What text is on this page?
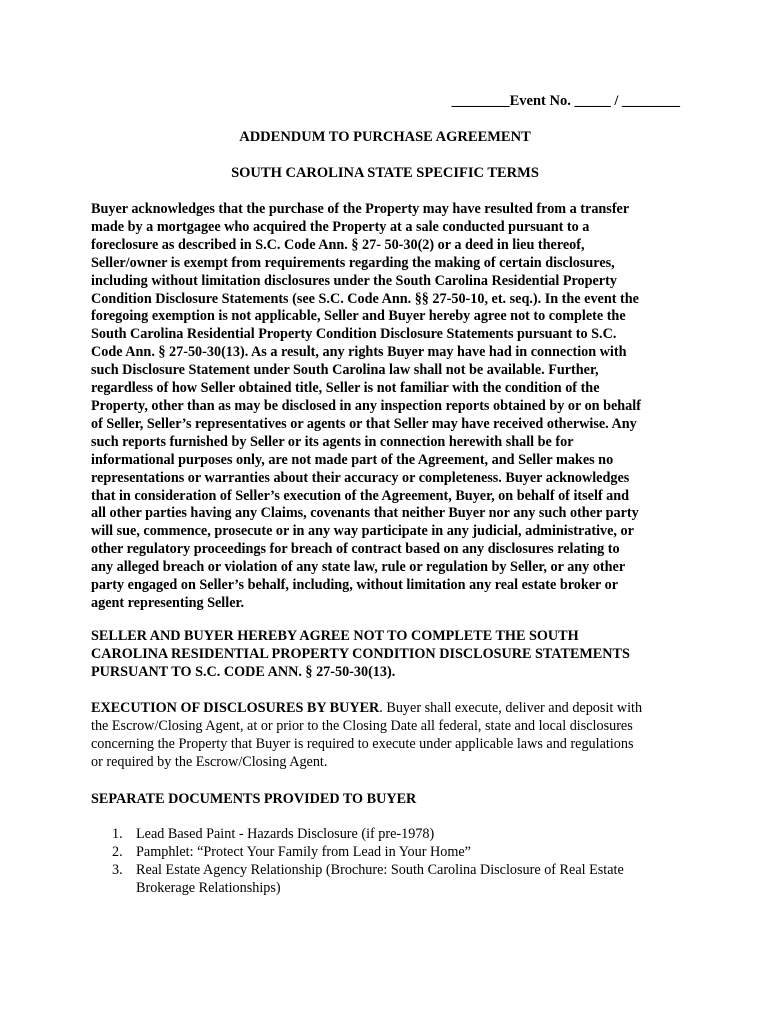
________Event No. _____ / ________
ADDENDUM TO PURCHASE AGREEMENT
SOUTH CAROLINA STATE SPECIFIC TERMS
Buyer acknowledges that the purchase of the Property may have resulted from a transfer
made by a mortgagee who acquired the Property at a sale conducted pursuant to a
foreclosure as described in S.C. Code Ann. § 27- 50-30(2) or a deed in lieu thereof,
Seller/owner is exempt from requirements regarding the making of certain disclosures,
including without limitation disclosures under the South Carolina Residential Property
Condition Disclosure Statements (see S.C. Code Ann. §§ 27-50-10, et. seq.). In the event the
foregoing exemption is not applicable, Seller and Buyer hereby agree not to complete the
South Carolina Residential Property Condition Disclosure Statements pursuant to S.C.
Code Ann. § 27-50-30(13). As a result, any rights Buyer may have had in connection with
such Disclosure Statement under South Carolina law shall not be available. Further,
regardless of how Seller obtained title, Seller is not familiar with the condition of the
Property, other than as may be disclosed in any inspection reports obtained by or on behalf
of Seller, Seller’s representatives or agents or that Seller may have received otherwise. Any
such reports furnished by Seller or its agents in connection herewith shall be for
informational purposes only, are not made part of the Agreement, and Seller makes no
representations or warranties about their accuracy or completeness. Buyer acknowledges
that in consideration of Seller’s execution of the Agreement, Buyer, on behalf of itself and
all other parties having any Claims, covenants that neither Buyer nor any such other party
will sue, commence, prosecute or in any way participate in any judicial, administrative, or
other regulatory proceedings for breach of contract based on any disclosures relating to
any alleged breach or violation of any state law, rule or regulation by Seller, or any other
party engaged on Seller’s behalf, including, without limitation any real estate broker or
agent representing Seller.
SELLER AND BUYER HEREBY AGREE NOT TO COMPLETE THE SOUTH
CAROLINA RESIDENTIAL PROPERTY CONDITION DISCLOSURE STATEMENTS
PURSUANT TO S.C. CODE ANN. § 27-50-30(13).
EXECUTION OF DISCLOSURES BY BUYER. Buyer shall execute, deliver and deposit with
the Escrow/Closing Agent, at or prior to the Closing Date all federal, state and local disclosures
concerning the Property that Buyer is required to execute under applicable laws and regulations
or required by the Escrow/Closing Agent.
SEPARATE DOCUMENTS PROVIDED TO BUYER
1. Lead Based Paint - Hazards Disclosure (if pre-1978)
2. Pamphlet: “Protect Your Family from Lead in Your Home”
3. Real Estate Agency Relationship (Brochure: South Carolina Disclosure of Real Estate
Brokerage Relationships)
